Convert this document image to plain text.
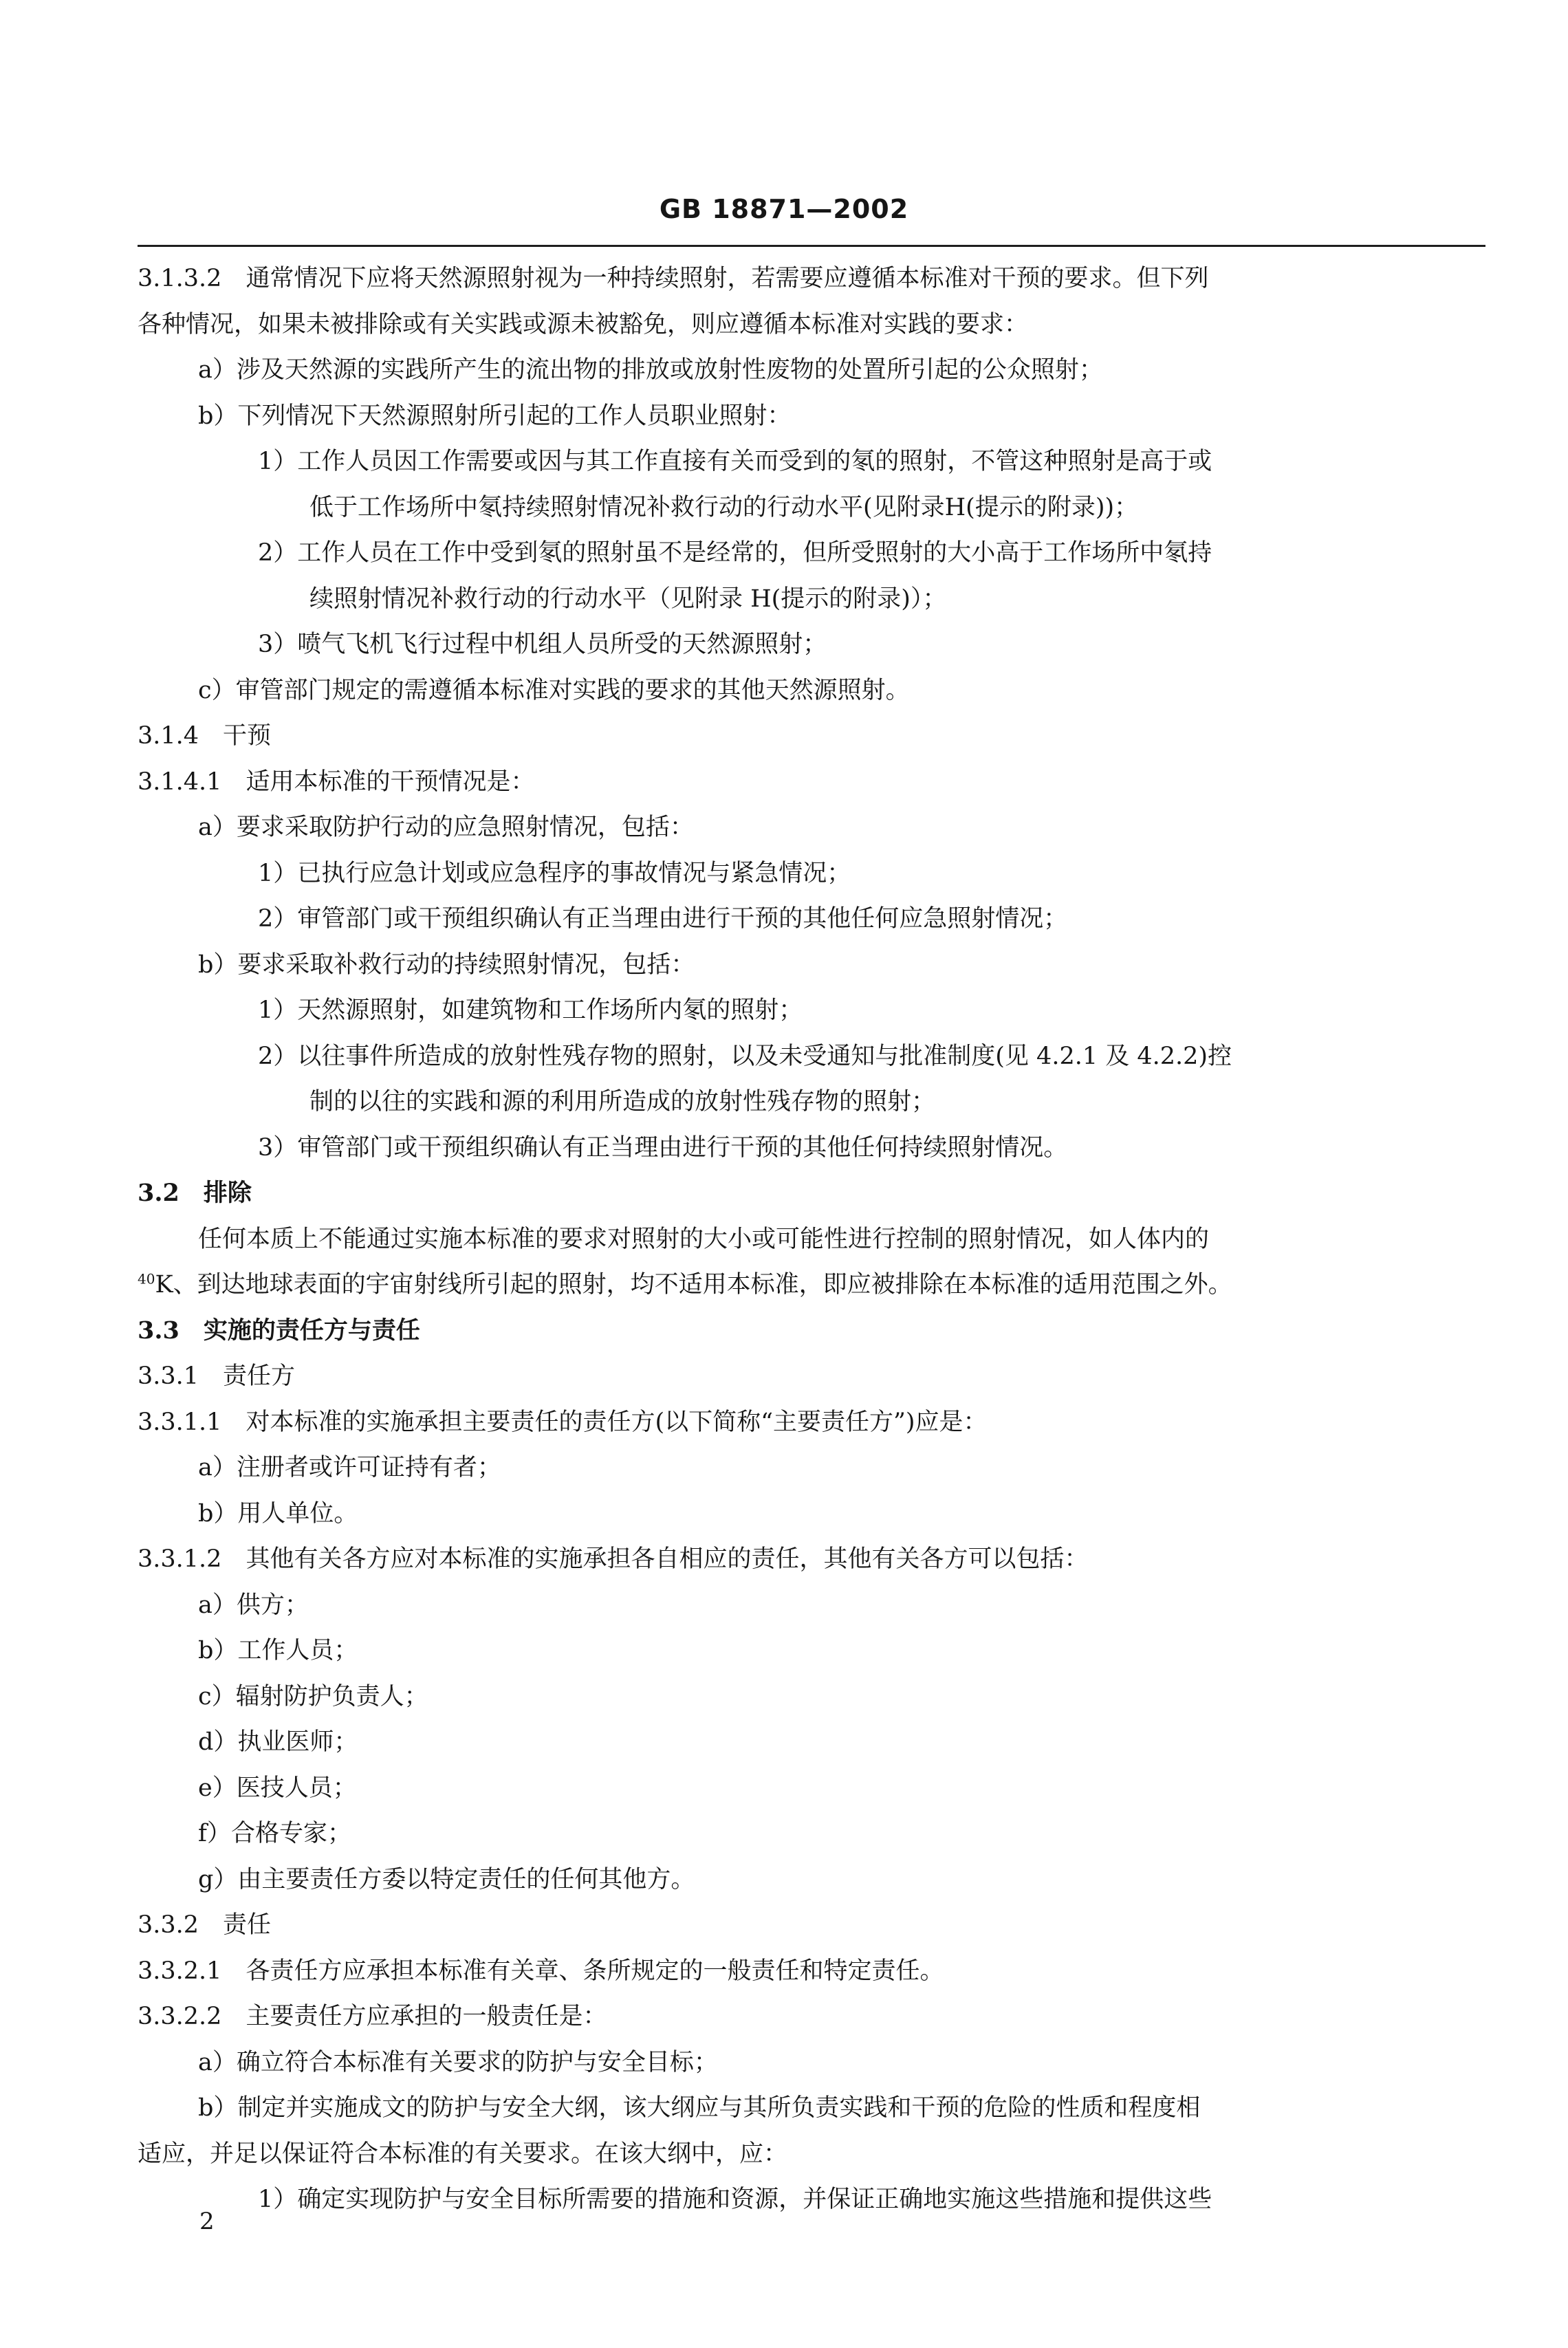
GB 18871—2002
3.1.3.2　通常情况下应将天然源照射视为一种持续照射，若需要应遵循本标准对干预的要求。但下列
各种情况，如果未被排除或有关实践或源未被豁免，则应遵循本标准对实践的要求：
a）涉及天然源的实践所产生的流出物的排放或放射性废物的处置所引起的公众照射；
b）下列情况下天然源照射所引起的工作人员职业照射：
1）工作人员因工作需要或因与其工作直接有关而受到的氡的照射，不管这种照射是高于或
低于工作场所中氡持续照射情况补救行动的行动水平(见附录H(提示的附录))；
2）工作人员在工作中受到氡的照射虽不是经常的，但所受照射的大小高于工作场所中氡持
续照射情况补救行动的行动水平（见附录 H(提示的附录)）；
3）喷气飞机飞行过程中机组人员所受的天然源照射；
c）审管部门规定的需遵循本标准对实践的要求的其他天然源照射。
3.1.4　干预
3.1.4.1　适用本标准的干预情况是：
a）要求采取防护行动的应急照射情况，包括：
1）已执行应急计划或应急程序的事故情况与紧急情况；
2）审管部门或干预组织确认有正当理由进行干预的其他任何应急照射情况；
b）要求采取补救行动的持续照射情况，包括：
1）天然源照射，如建筑物和工作场所内氡的照射；
2）以往事件所造成的放射性残存物的照射，以及未受通知与批准制度(见 4.2.1 及 4.2.2)控
制的以往的实践和源的利用所造成的放射性残存物的照射；
3）审管部门或干预组织确认有正当理由进行干预的其他任何持续照射情况。
3.2　排除
任何本质上不能通过实施本标准的要求对照射的大小或可能性进行控制的照射情况，如人体内的
$^{40}$K、到达地球表面的宇宙射线所引起的照射，均不适用本标准，即应被排除在本标准的适用范围之外。
3.3　实施的责任方与责任
3.3.1　责任方
3.3.1.1　对本标准的实施承担主要责任的责任方(以下简称“主要责任方”)应是：
a）注册者或许可证持有者；
b）用人单位。
3.3.1.2　其他有关各方应对本标准的实施承担各自相应的责任，其他有关各方可以包括：
a）供方；
b）工作人员；
c）辐射防护负责人；
d）执业医师；
e）医技人员；
f）合格专家；
g）由主要责任方委以特定责任的任何其他方。
3.3.2　责任
3.3.2.1　各责任方应承担本标准有关章、条所规定的一般责任和特定责任。
3.3.2.2　主要责任方应承担的一般责任是：
a）确立符合本标准有关要求的防护与安全目标；
b）制定并实施成文的防护与安全大纲，该大纲应与其所负责实践和干预的危险的性质和程度相
适应，并足以保证符合本标准的有关要求。在该大纲中，应：
1）确定实现防护与安全目标所需要的措施和资源，并保证正确地实施这些措施和提供这些
2
